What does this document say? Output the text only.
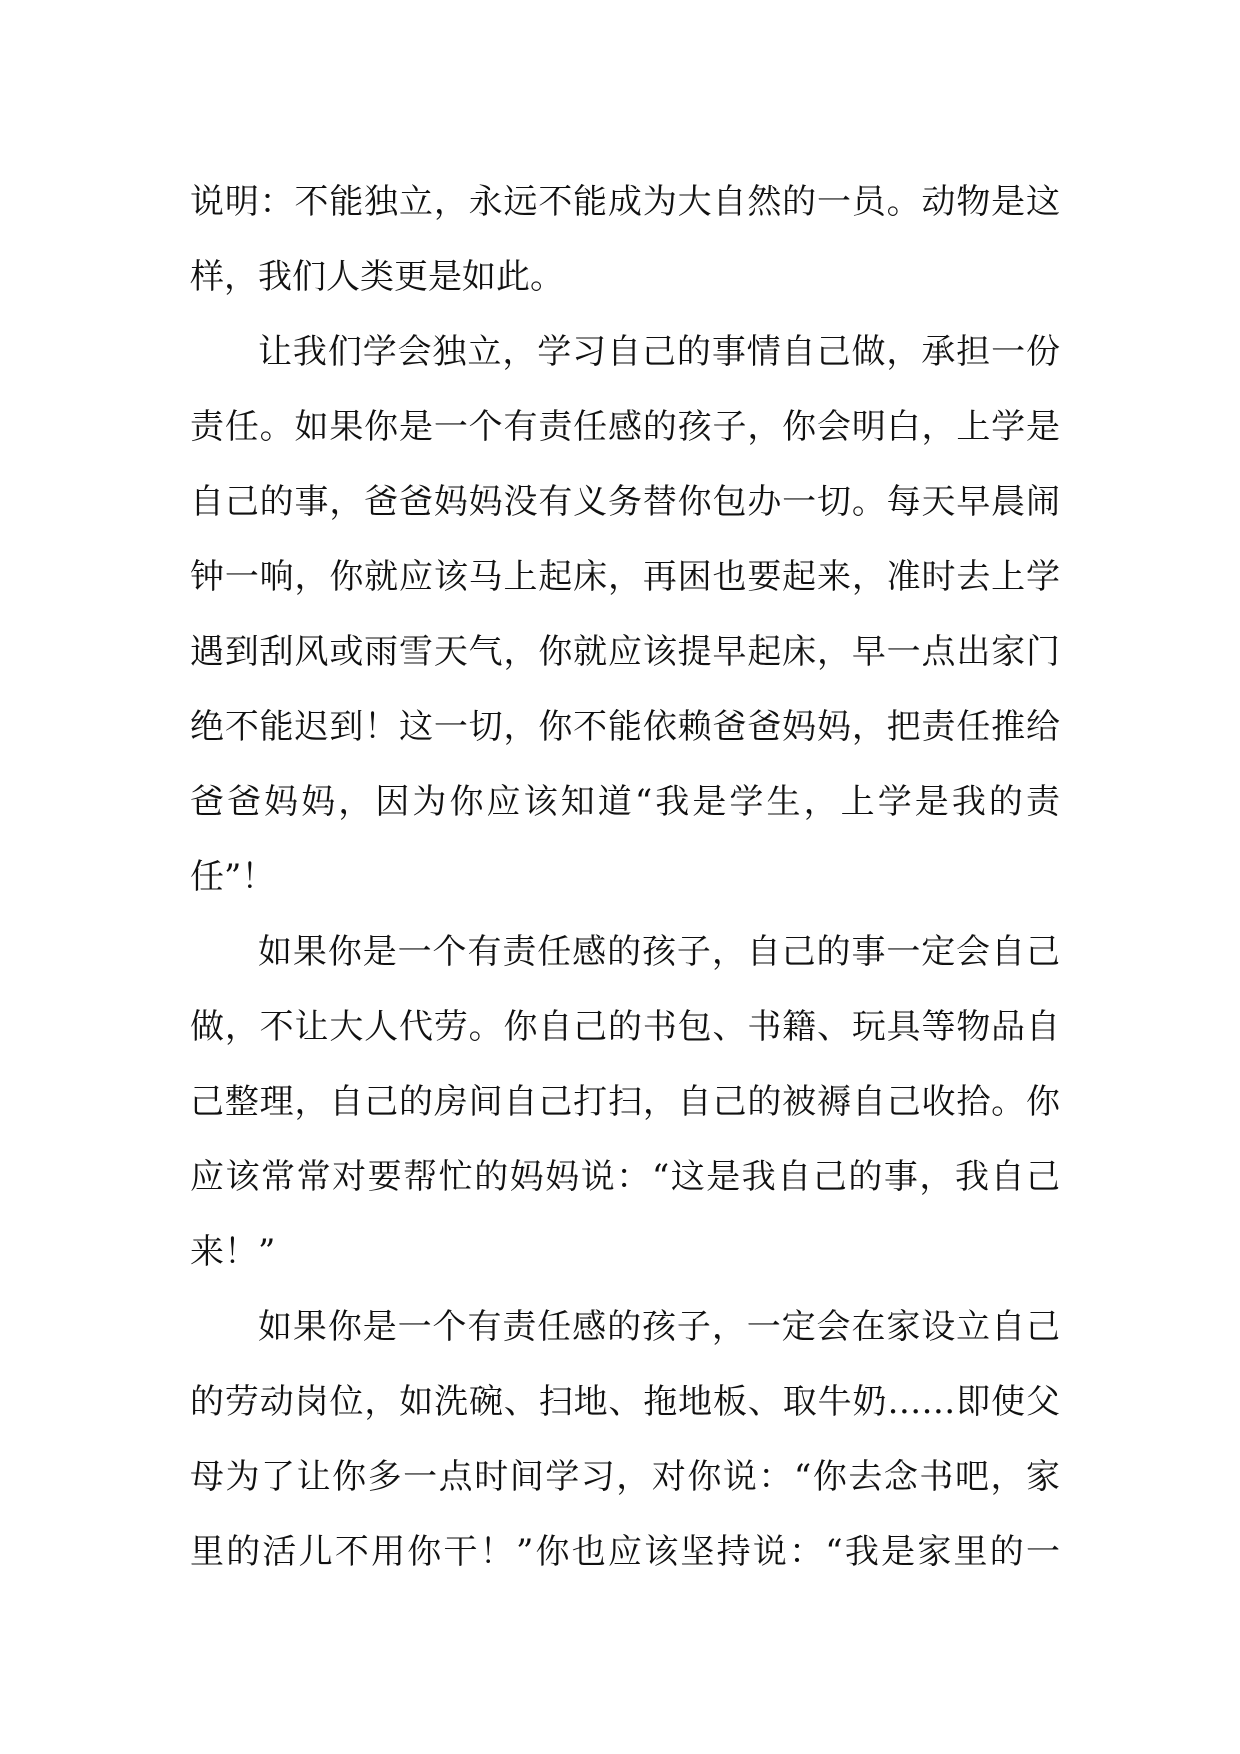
说明：不能独立，永远不能成为大自然的一员。动物是这
样，我们人类更是如此。
让我们学会独立，学习自己的事情自己做，承担一份
责任。如果你是一个有责任感的孩子，你会明白，上学是
自己的事，爸爸妈妈没有义务替你包办一切。每天早晨闹
钟一响，你就应该马上起床，再困也要起来，准时去上学
遇到刮风或雨雪天气，你就应该提早起床，早一点出家门
绝不能迟到！这一切，你不能依赖爸爸妈妈，把责任推给
爸爸妈妈，因为你应该知道“我是学生，上学是我的责
任”！
如果你是一个有责任感的孩子，自己的事一定会自己
做，不让大人代劳。你自己的书包、书籍、玩具等物品自
己整理，自己的房间自己打扫，自己的被褥自己收拾。你
应该常常对要帮忙的妈妈说：“这是我自己的事，我自己
来！”
如果你是一个有责任感的孩子，一定会在家设立自己
的劳动岗位，如洗碗、扫地、拖地板、取牛奶……即使父
母为了让你多一点时间学习，对你说：“你去念书吧，家
里的活儿不用你干！”你也应该坚持说：“我是家里的一
